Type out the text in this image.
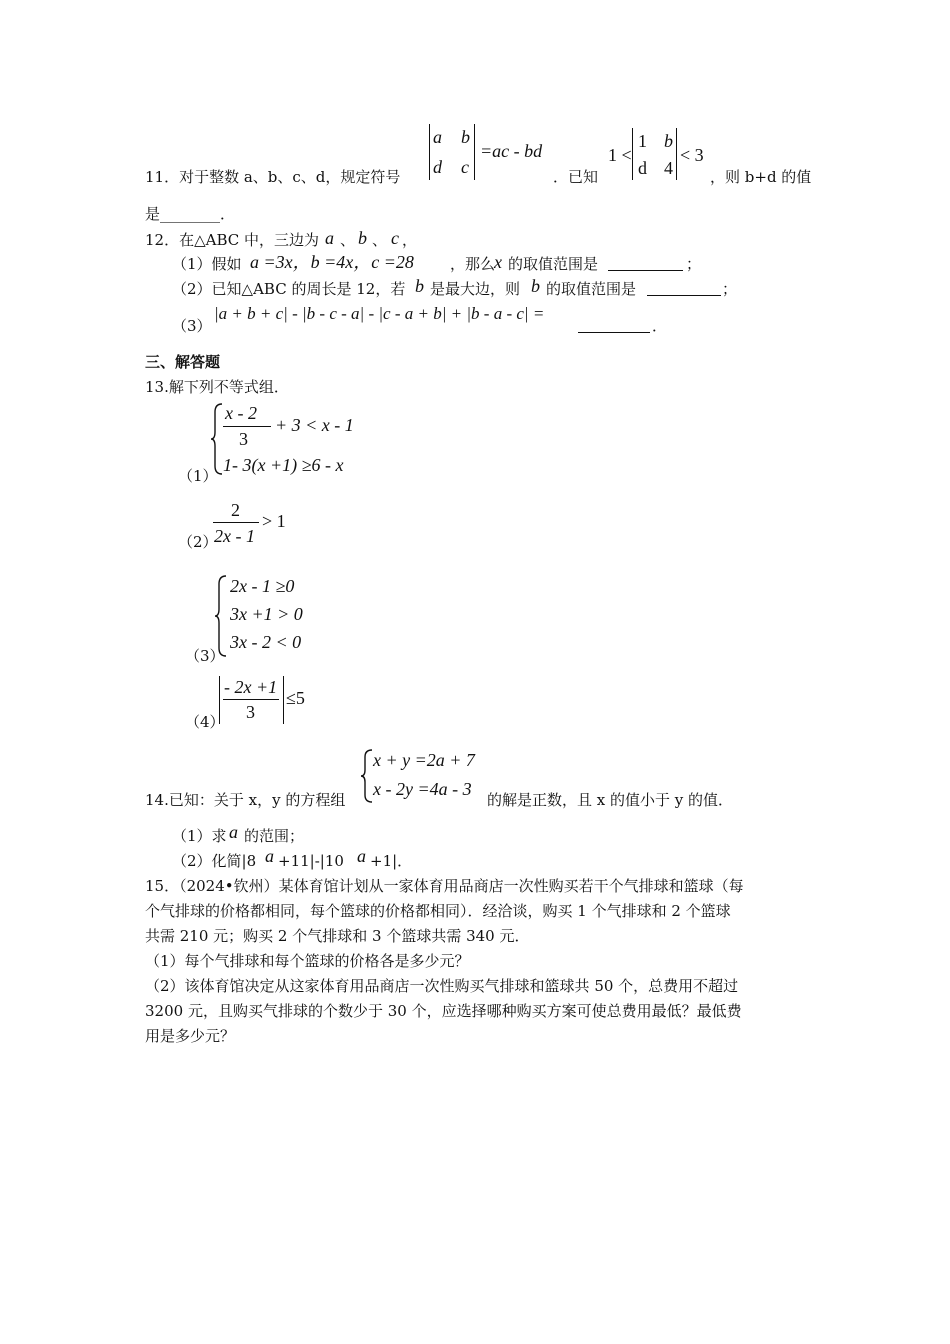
11．对于整数 a、b、c、d，规定符号
a b
d c
=ac - bd
．已知
1 <
1 b
d 4
< 3
，则 b+d 的值
是________．
12．在△ABC 中，三边为 a 、 b 、 c ，
（1）假如 a =3x，b =4x，c =28 ，那么
x 的取值范围是	；
（2）已知△ABC 的周长是 12，若 b 是最大边，则 b 的取值范围是	；
（3）
|a + b + c| - |b - c - a| - |c - a + b| + |b - a - c| =
．
三、解答题
13.解下列不等式组．
（1）
x - 2
3
+ 3 < x - 1
1- 3(x +1) ≥6 - x
（2）
2
2x - 1
> 1
（3）
2x - 1 ≥0
3x +1 > 0
3x - 2 < 0
（4）
- 2x +1
3
≤5
14.已知：关于 x，y 的方程组
x + y =2a + 7
x - 2y =4a - 3
的解是正数，且 x 的值小于 y 的值．
（1）求 a 的范围；
（2）化简|8 a +11|-|10 a +1|．
15．（2024•钦州）某体育馆计划从一家体育用品商店一次性购买若干个气排球和篮球（每
个气排球的价格都相同，每个篮球的价格都相同）．经洽谈，购买 1 个气排球和 2 个篮球
共需 210 元；购买 2 个气排球和 3 个篮球共需 340 元．
（1）每个气排球和每个篮球的价格各是多少元？
（2）该体育馆决定从这家体育用品商店一次性购买气排球和篮球共 50 个，总费用不超过
3200 元，且购买气排球的个数少于 30 个，应选择哪种购买方案可使总费用最低？最低费
用是多少元？
